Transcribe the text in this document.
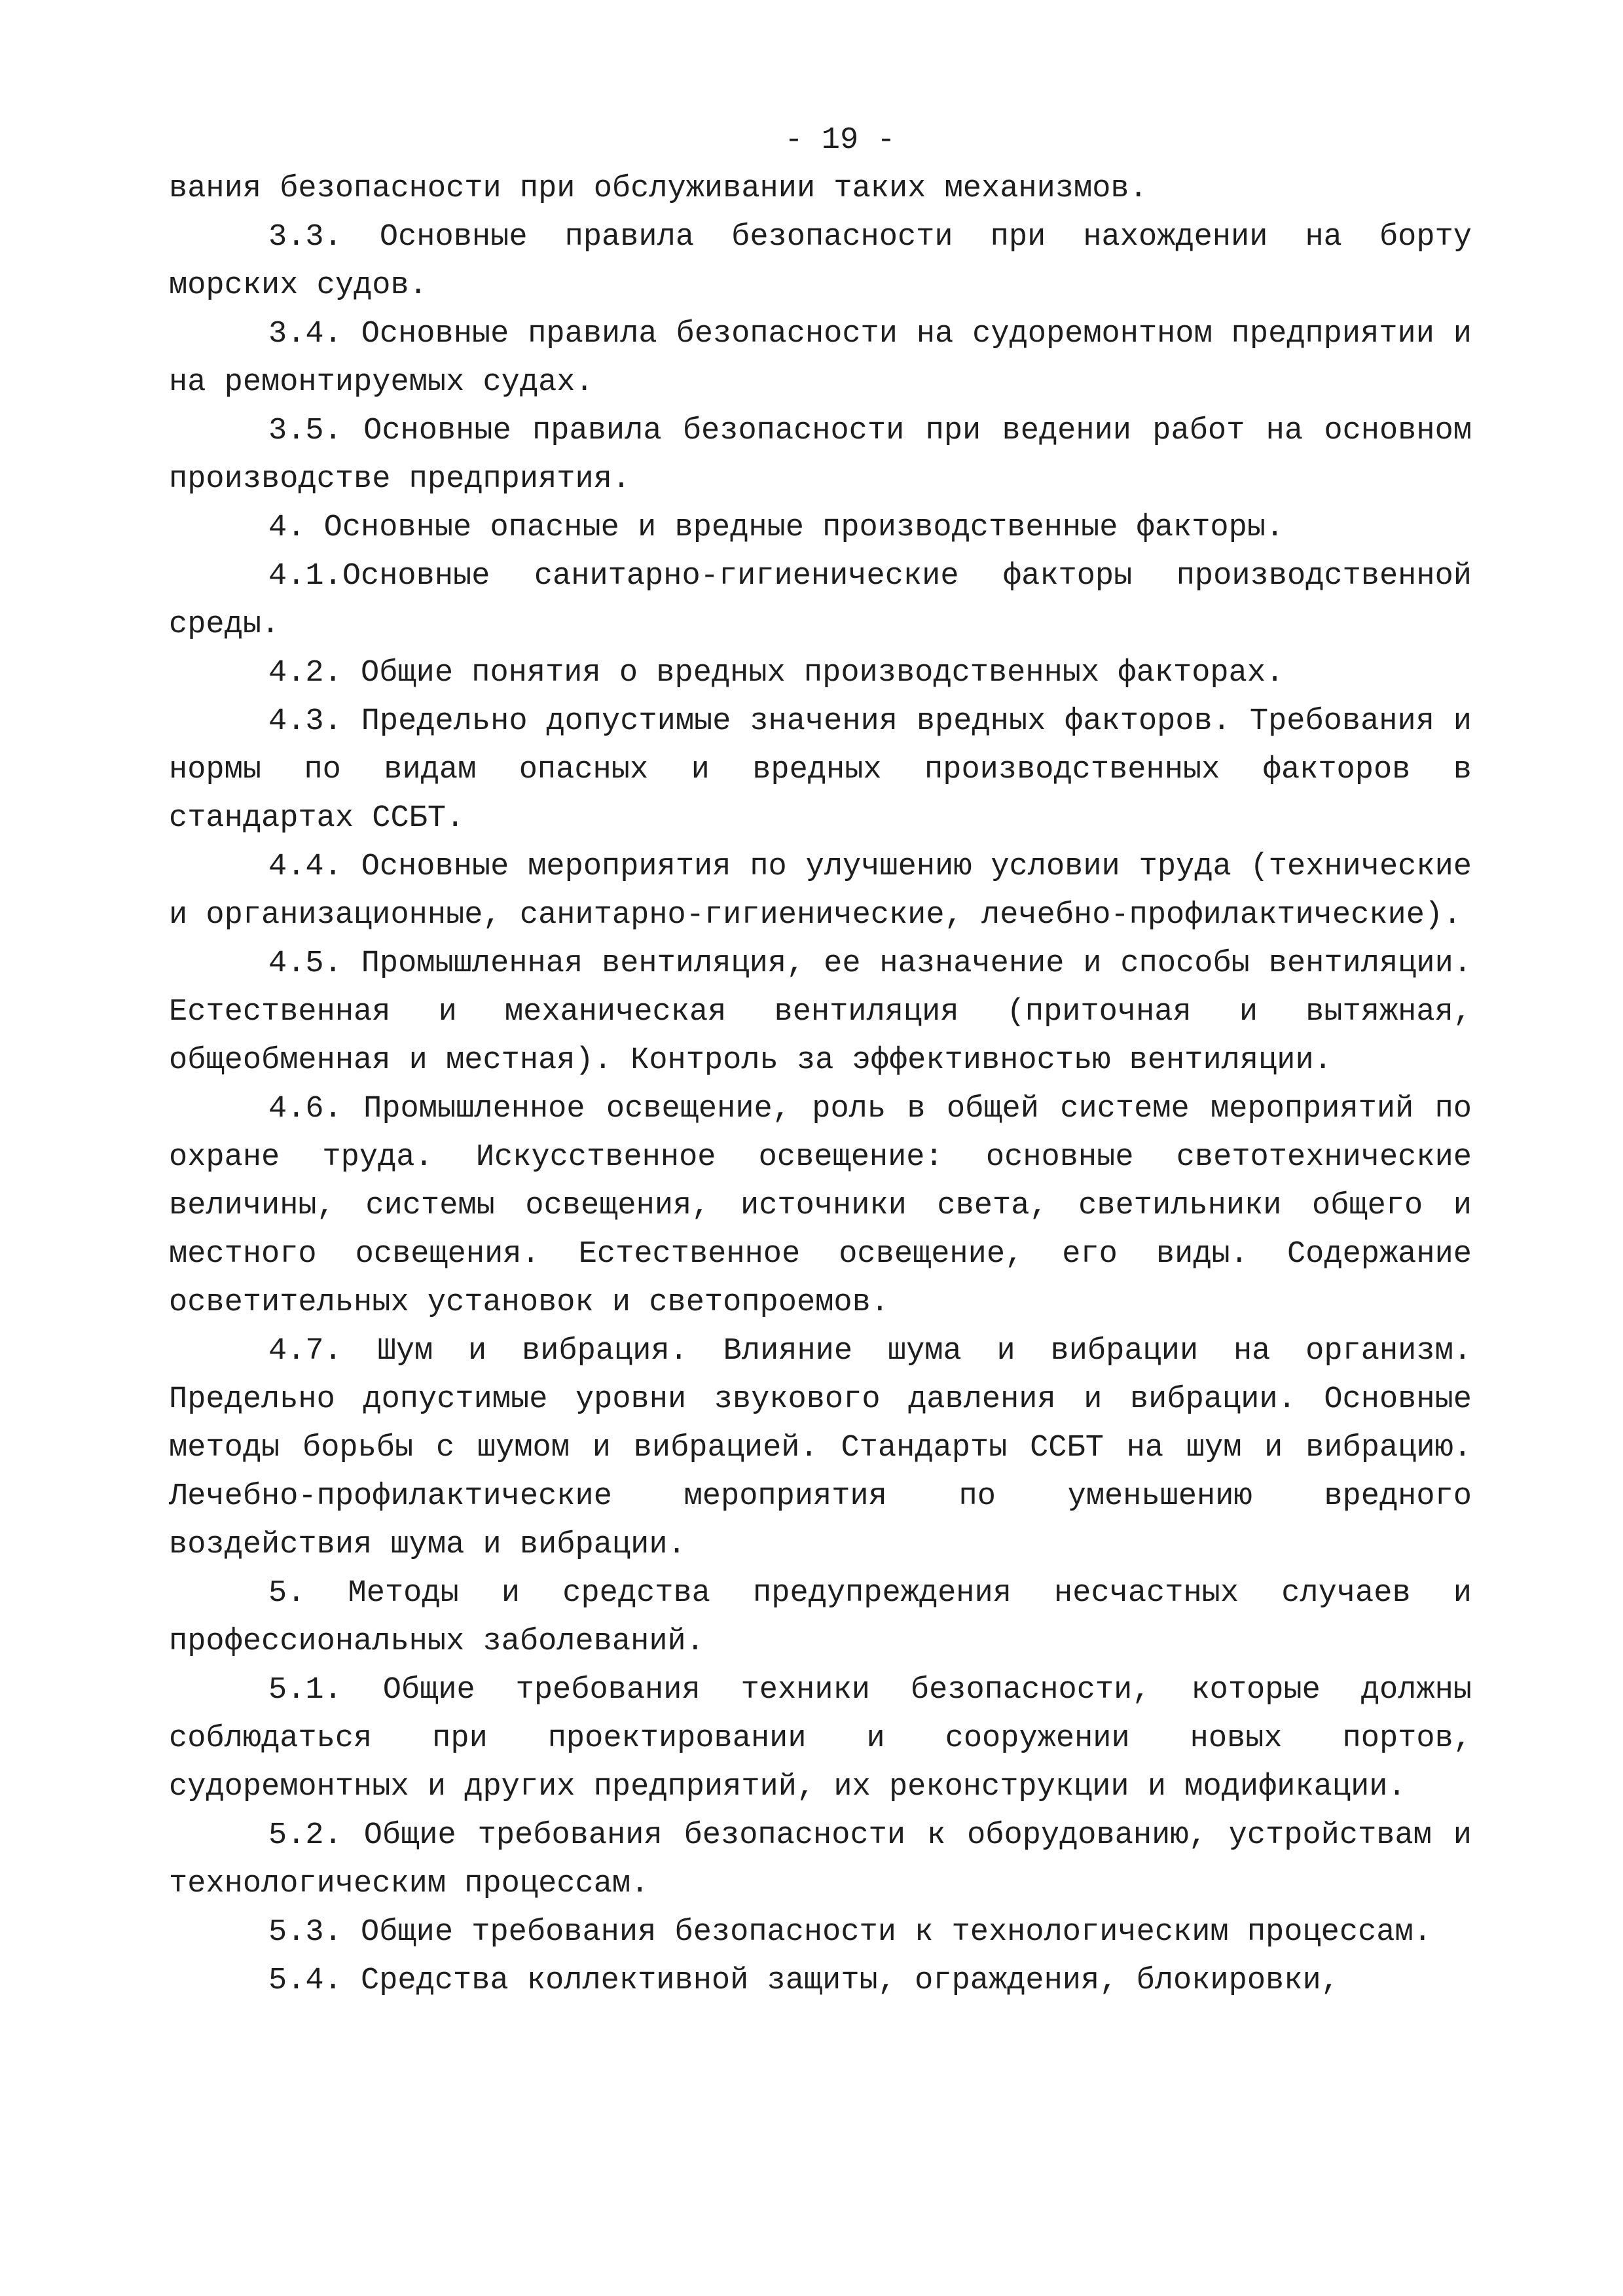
- 19 -

вания безопасности при обслуживании таких механизмов.

3.3. Основные правила безопасности при нахождении на борту морских судов.

3.4. Основные правила безопасности на судоремонтном предприятии и на ремонтируемых судах.

3.5. Основные правила безопасности при ведении работ на основном производстве предприятия.

4. Основные опасные и вредные производственные факторы.

4.1.Основные санитарно-гигиенические факторы производственной среды.

4.2. Общие понятия о вредных производственных факторах.

4.3. Предельно допустимые значения вредных факторов. Требования и нормы по видам опасных и вредных производственных факторов в стандартах ССБТ.

4.4. Основные мероприятия по улучшению условии труда (технические и организационные, санитарно-гигиенические, лечебно-профилактические).

4.5. Промышленная вентиляция, ее назначение и способы вентиляции. Естественная и механическая вентиляция (приточная и вытяжная, общеобменная и местная). Контроль за эффективностью вентиляции.

4.6. Промышленное освещение, роль в общей системе мероприятий по охране труда. Искусственное освещение: основные светотехнические величины, системы освещения, источники света, светильники общего и местного освещения. Естественное освещение, его виды. Содержание осветительных установок и светопроемов.

4.7. Шум и вибрация. Влияние шума и вибрации на организм. Предельно допустимые уровни звукового давления и вибрации. Основные методы борьбы с шумом и вибрацией. Стандарты ССБТ на шум и вибрацию. Лечебно-профилактические мероприятия по уменьшению вредного воздействия шума и вибрации.

5. Методы и средства предупреждения несчастных случаев и профессиональных заболеваний.

5.1. Общие требования техники безопасности, которые должны соблюдаться при проектировании и сооружении новых портов, судоремонтных и других предприятий, их реконструкции и модификации.

5.2. Общие требования безопасности к оборудованию, устройствам и технологическим процессам.

5.3. Общие требования безопасности к технологическим процессам.

5.4. Средства коллективной защиты, ограждения, блокировки,
